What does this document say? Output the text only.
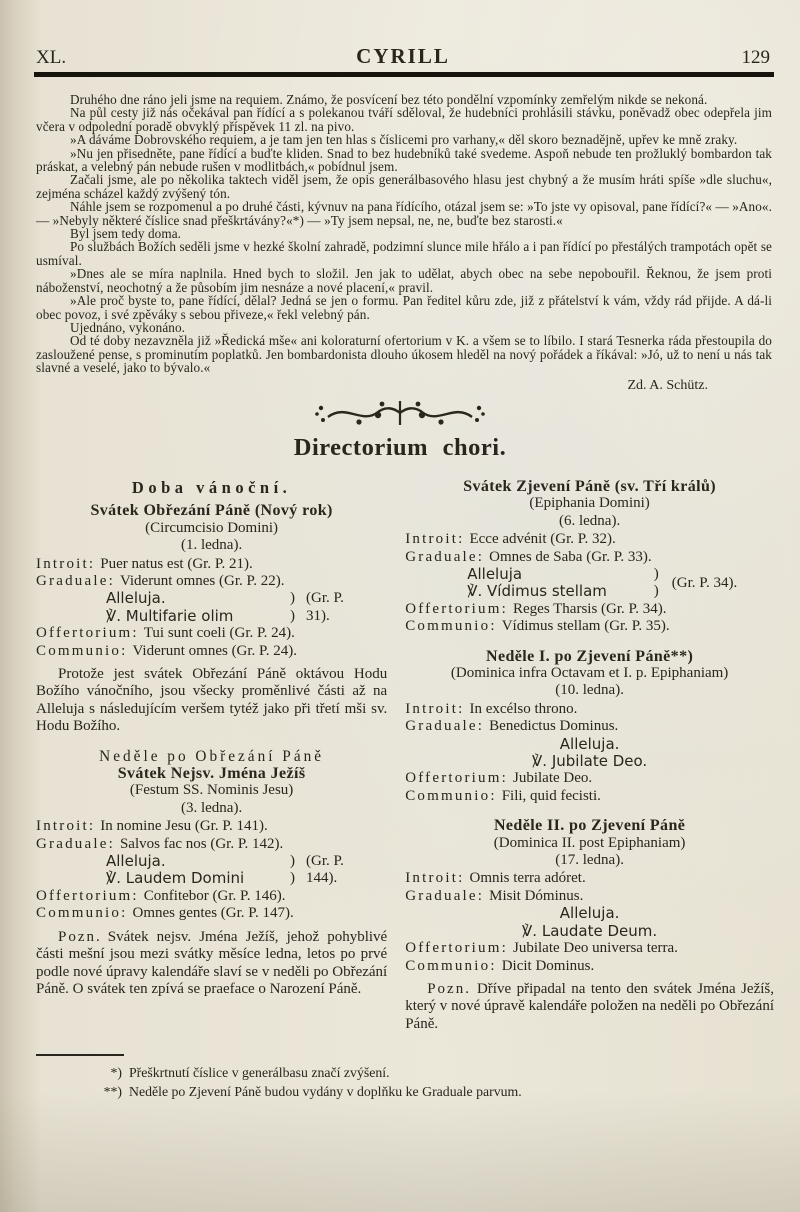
XL.	CYRILL	129

Druhého dne ráno jeli jsme na requiem. Známo, že posvícení bez této pondělní vzpomínky zemřelým nikde se nekoná.

Na půl cesty již nás očekával pan řídící a s polekanou tváří sděloval, že hudebníci prohlásili stávku, poněvadž obec odepřela jim včera v odpolední poradě obvyklý příspěvek 11 zl. na pivo.

»A dáváme Dobrovského requiem, a je tam jen ten hlas s číslicemi pro varhany,« děl skoro beznadějně, upřev ke mně zraky.

»Nu jen přisedněte, pane řídící a buďte kliden. Snad to bez hudebníků také svedeme. Aspoň nebude ten prožluklý bombardon tak práskat, a velebný pán nebude rušen v modlitbách,« pobídnul jsem.

Začali jsme, ale po několika taktech viděl jsem, že opis generálbasového hlasu jest chybný a že musím hráti spíše »dle sluchu«, zejména scházel každý zvýšený tón.

Náhle jsem se rozpomenul a po druhé části, kývnuv na pana řídícího, otázal jsem se: »To jste vy opisoval, pane řídící?« — »Ano«. — »Nebyly některé číslice snad přeškrtávány?«*) — »Ty jsem nepsal, ne, ne, buďte bez starosti.«

Byl jsem tedy doma.

Po službách Božích seděli jsme v hezké školní zahradě, podzimní slunce mile hřálo a i pan řídící po přestálých trampotách opět se usmíval.

»Dnes ale se míra naplnila. Hned bych to složil. Jen jak to udělat, abych obec na sebe nepobouřil. Řeknou, že jsem proti náboženství, neochotný a že působím jim nesnáze a nové placení,« pravil.

»Ale proč byste to, pane řídící, dělal? Jedná se jen o formu. Pan ředitel kůru zde, již z přátelství k vám, vždy rád přijde. A dá-li obec povoz, i své zpěváky s sebou přiveze,« řekl velebný pán.

Ujednáno, vykonáno.

Od té doby nezavzněla již »Ředická mše« ani koloraturní ofertorium v K. a všem se to líbilo. I stará Tesnerka ráda přestoupila do zasloužené pense, s prominutím poplatků. Jen bombardonista dlouho úkosem hleděl na nový pořádek a říkával: »Jó, už to není u nás tak slavné a veselé, jako to bývalo.«

Zd. A. Schütz.
Directorium chori.
Doba vánoční.
Svátek Obřezání Páně (Nový rok)
(Circumcisio Domini)
(1. ledna).
Introit: Puer natus est (Gr. P. 21).
Graduale: Viderunt omnes (Gr. P. 22).
Alleluja.	) (Gr. P.
℣. Multifarie olim	) 31).
Offertorium: Tui sunt coeli (Gr. P. 24).
Communio: Viderunt omnes (Gr. P. 24).

Protože jest svátek Obřezání Páně oktávou Hodu Božího vánočního, jsou všecky proměnlivé části až na Alleluja s následujícím veršem tytéž jako při třetí mši sv. Hodu Božího.

Neděle po Obřezání Páně
Svátek Nejsv. Jména Ježíš
(Festum SS. Nominis Jesu)
(3. ledna).
Introit: In nomine Jesu (Gr. P. 141).
Graduale: Salvos fac nos (Gr. P. 142).
Alleluja.	) (Gr. P.
℣. Laudem Domini	) 144).
Offertorium: Confitebor (Gr. P. 146).
Communio: Omnes gentes (Gr. P. 147).

Pozn. Svátek nejsv. Jména Ježíš, jehož pohyblivé části mešní jsou mezi svátky měsíce ledna, letos po prvé podle nové úpravy kalendáře slaví se v neděli po Obřezání Páně. O svátek ten zpívá se praeface o Narození Páně.

Svátek Zjevení Páně (sv. Tří králů)
(Epiphania Domini)
(6. ledna).
Introit: Ecce advénit (Gr. P. 32).
Graduale: Omnes de Saba (Gr. P. 33).
Alleluja	)
℣. Vídimus stellam	)
(Gr. P. 34).
Offertorium: Reges Tharsis (Gr. P. 34).
Communio: Vídimus stellam (Gr. P. 35).
Neděle I. po Zjevení Páně**)
(Dominica infra Octavam et I. p. Epiphaniam)
(10. ledna).
Introit: In excélso throno.
Graduale: Benedictus Dominus.
Alleluja.
℣. Jubilate Deo.
Offertorium: Jubilate Deo.
Communio: Fili, quid fecisti.
Neděle II. po Zjevení Páně
(Dominica II. post Epiphaniam)
(17. ledna).
Introit: Omnis terra adóret.
Graduale: Misit Dóminus.
Alleluja.
℣. Laudate Deum.
Offertorium: Jubilate Deo universa terra.
Communio: Dicit Dominus.

Pozn. Dříve připadal na tento den svátek Jména Ježíš, který v nové úpravě kalendáře položen na neděli po Obřezání Páně.

*) Přeškrtnutí číslice v generálbasu značí zvýšení.
**) Neděle po Zjevení Páně budou vydány v doplňku ke Graduale parvum.
